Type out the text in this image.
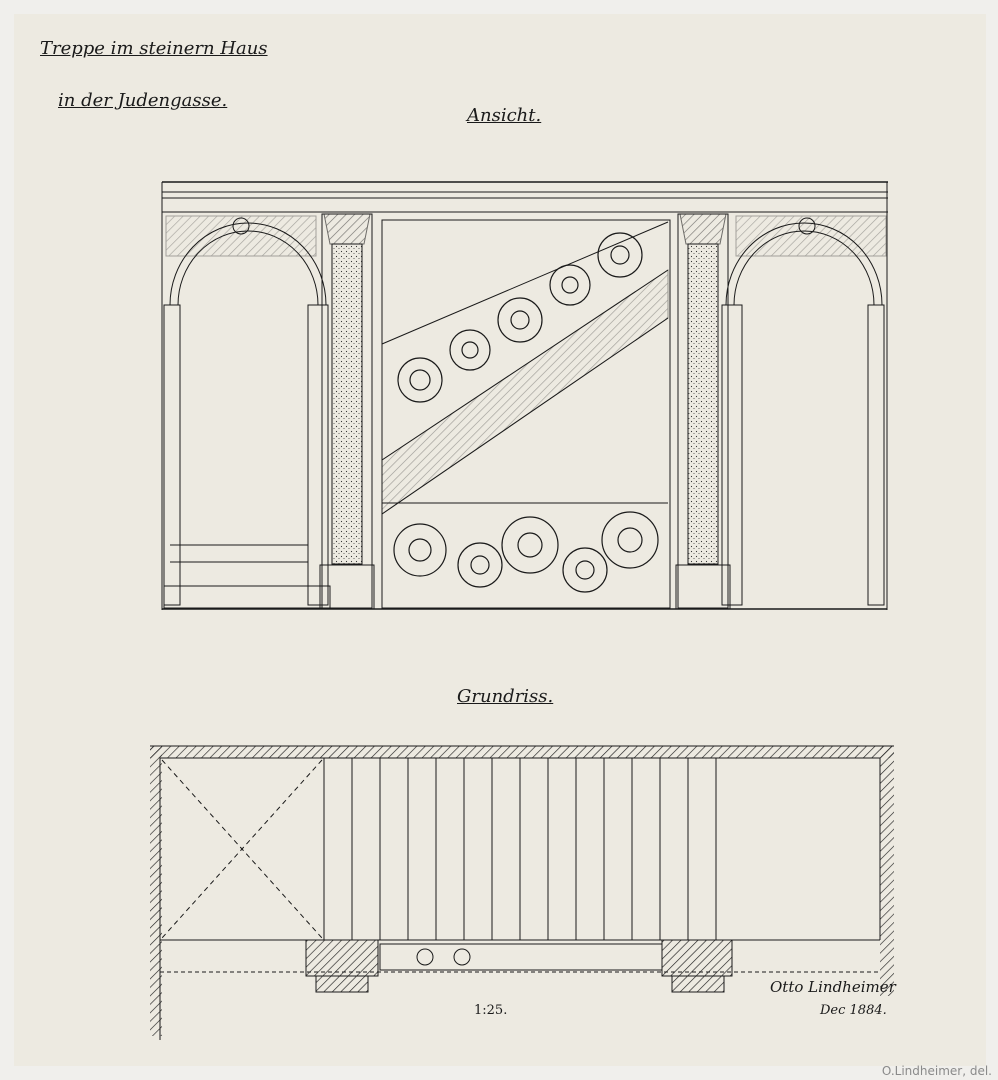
Treppe im steinern Haus
in der Judengasse.
Ansicht.
Grundriss.
1:25.
Otto Lindheimer
Dec 1884.
O.Lindheimer, del.
